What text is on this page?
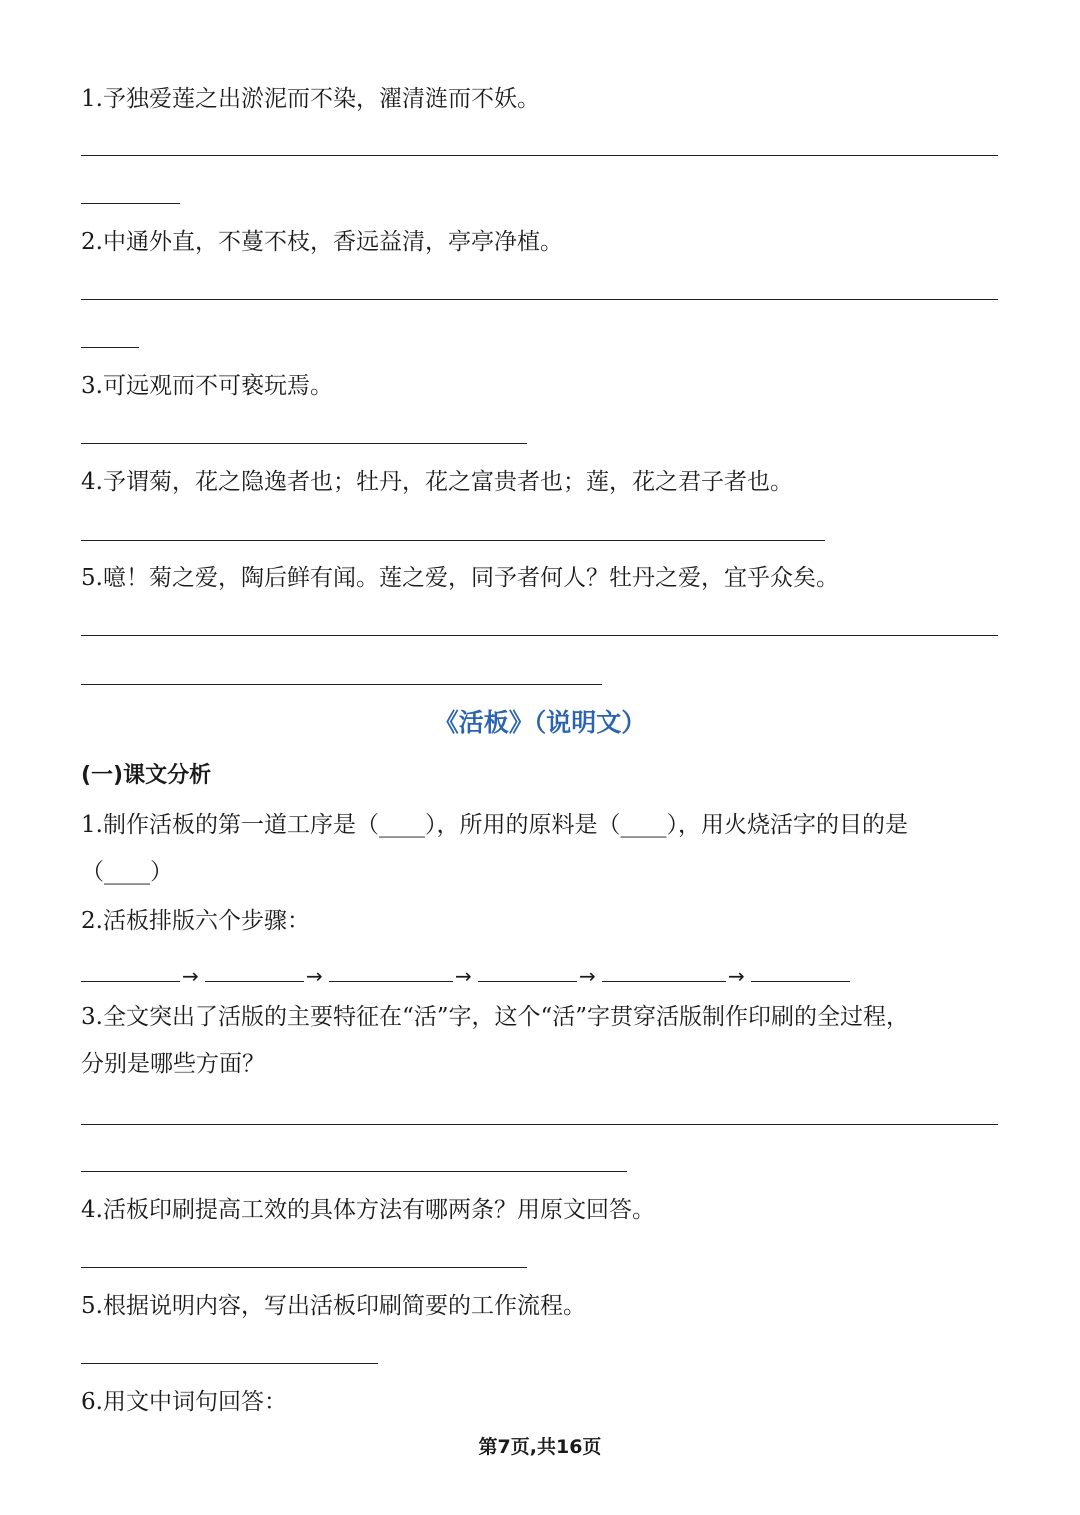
1.予独爱莲之出淤泥而不染，濯清涟而不妖。
2.中通外直，不蔓不枝，香远益清，亭亭净植。
3.可远观而不可亵玩焉。
4.予谓菊，花之隐逸者也；牡丹，花之富贵者也；莲，花之君子者也。
5.噫！菊之爱，陶后鲜有闻。莲之爱，同予者何人？牡丹之爱，宜乎众矣。
《活板》（说明文）
(一)课文分析
1.制作活板的第一道工序是（____），所用的原料是（____），用火烧活字的目的是
（____）
2.活板排版六个步骤：
→	→	→	→	→
3.全文突出了活版的主要特征在“活”字，这个“活”字贯穿活版制作印刷的全过程，
分别是哪些方面？
4.活板印刷提高工效的具体方法有哪两条？用原文回答。
5.根据说明内容，写出活板印刷简要的工作流程。
6.用文中词句回答：
第7页,共16页
